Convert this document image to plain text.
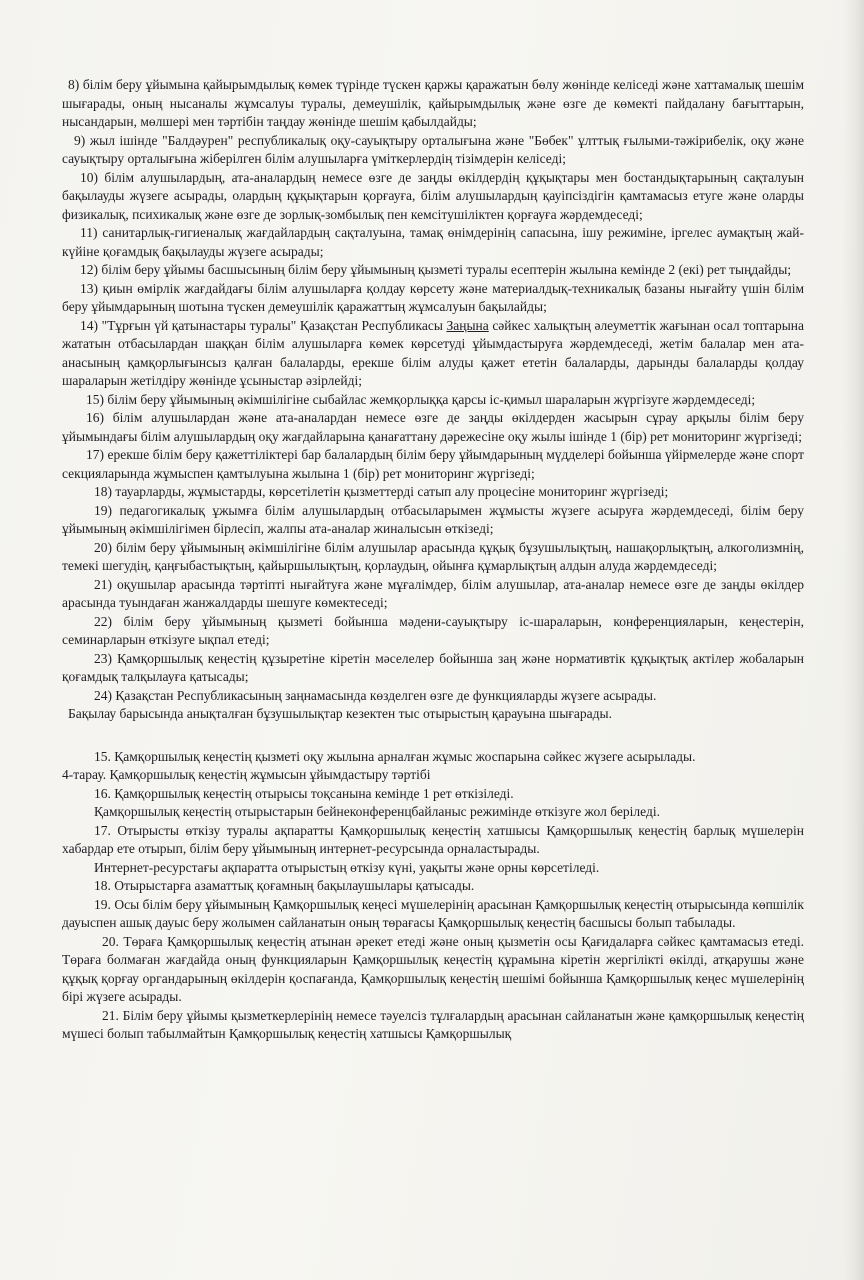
8) білім беру ұйымына қайырымдылық көмек түрінде түскен қаржы қаражатын бөлу жөнінде келіседі және хаттамалық шешім шығарады, оның нысаналы жұмсалуы туралы, демеушілік, қайырымдылық және өзге де көмекті пайдалану бағыттарын, нысандарын, мөлшері мен тәртібін таңдау жөнінде шешім қабылдайды;

9) жыл ішінде "Балдәурен" республикалық оқу-сауықтыру орталығына және "Бөбек" ұлттық ғылыми-тәжірибелік, оқу және сауықтыру орталығына жіберілген білім алушыларға үміткерлердің тізімдерін келіседі;

10) білім алушылардың, ата-аналардың немесе өзге де заңды өкілдердің құқықтары мен бостандықтарының сақталуын бақылауды жүзеге асырады, олардың құқықтарын қорғауға, білім алушылардың қауіпсіздігін қамтамасыз етуге және оларды физикалық, психикалық және өзге де зорлық-зомбылық пен кемсітушіліктен қорғауға жәрдемдеседі;

11) санитарлық-гигиеналық жағдайлардың сақталуына, тамақ өнімдерінің сапасына, ішу режиміне, іргелес аумақтың жай-күйіне қоғамдық бақылауды жүзеге асырады;

12) білім беру ұйымы басшысының білім беру ұйымының қызметі туралы есептерін жылына кемінде 2 (екі) рет тыңдайды;

13) қиын өмірлік жағдайдағы білім алушыларға қолдау көрсету және материалдық-техникалық базаны нығайту үшін білім беру ұйымдарының шотына түскен демеушілік қаражаттың жұмсалуын бақылайды;

14) "Тұрғын үй қатынастары туралы" Қазақстан Республикасы Заңына сәйкес халықтың әлеуметтік жағынан осал топтарына жататын отбасылардан шаққан білім алушыларға көмек көрсетуді ұйымдастыруға жәрдемдеседі, жетім балалар мен ата-анасының қамқорлығынсыз қалған балаларды, ерекше білім алуды қажет ететін балаларды, дарынды балаларды қолдау шараларын жетілдіру жөнінде ұсыныстар әзірлейді;

15) білім беру ұйымының әкімшілігіне сыбайлас жемқорлыққа қарсы іс-қимыл шараларын жүргізуге жәрдемдеседі;

16) білім алушылардан және ата-аналардан немесе өзге де заңды өкілдерден жасырын сұрау арқылы білім беру ұйымындағы білім алушылардың оқу жағдайларына қанағаттану дәрежесіне оқу жылы ішінде 1 (бір) рет мониторинг жүргізеді;

17) ерекше білім беру қажеттіліктері бар балалардың білім беру ұйымдарының мүдделері бойынша үйірмелерде және спорт секцияларында жұмыспен қамтылуына жылына 1 (бір) рет мониторинг жүргізеді;

18) тауарларды, жұмыстарды, көрсетілетін қызметтерді сатып алу процесіне мониторинг жүргізеді;

19) педагогикалық ұжымға білім алушылардың отбасыларымен жұмысты жүзеге асыруға жәрдемдеседі, білім беру ұйымының әкімшілігімен бірлесіп, жалпы ата-аналар жиналысын өткізеді;

20) білім беру ұйымының әкімшілігіне білім алушылар арасында құқық бұзушылықтың, нашақорлықтың, алкоголизмнің, темекі шегудің, қаңғыбастықтың, қайыршылықтың, қорлаудың, ойынға құмарлықтың алдын алуда жәрдемдеседі;

21) оқушылар арасында тәртіпті нығайтуға және мұғалімдер, білім алушылар, ата-аналар немесе өзге де заңды өкілдер арасында туындаған жанжалдарды шешуге көмектеседі;

22) білім беру ұйымының қызметі бойынша мәдени-сауықтыру іс-шараларын, конференцияларын, кеңестерін, семинарларын өткізуге ықпал етеді;

23) Қамқоршылық кеңестің құзыретіне кіретін мәселелер бойынша заң және нормативтік құқықтық актілер жобаларын қоғамдық талқылауға қатысады;

24) Қазақстан Республикасының заңнамасында көзделген өзге де функцияларды жүзеге асырады.

Бақылау барысында анықталған бұзушылықтар кезектен тыс отырыстың қарауына шығарады.

15. Қамқоршылық кеңестің қызметі оқу жылына арналған жұмыс жоспарына сәйкес жүзеге асырылады.

4-тарау. Қамқоршылық кеңестің жұмысын ұйымдастыру тәртібі

16. Қамқоршылық кеңестің отырысы тоқсанына кемінде 1 рет өткізіледі.

Қамқоршылық кеңестің отырыстарын бейнеконференцбайланыс режимінде өткізуге жол беріледі.

17. Отырысты өткізу туралы ақпаратты Қамқоршылық кеңестің хатшысы Қамқоршылық кеңестің барлық мүшелерін хабардар ете отырып, білім беру ұйымының интернет-ресурсында орналастырады.

Интернет-ресурстағы ақпаратта отырыстың өткізу күні, уақыты және орны көрсетіледі.

18. Отырыстарға азаматтық қоғамның бақылаушылары қатысады.

19. Осы білім беру ұйымының Қамқоршылық кеңесі мүшелерінің арасынан Қамқоршылық кеңестің отырысында көпшілік дауыспен ашық дауыс беру жолымен сайланатын оның төрағасы Қамқоршылық кеңестің басшысы болып табылады.

20. Төраға Қамқоршылық кеңестің атынан әрекет етеді және оның қызметін осы Қағидаларға сәйкес қамтамасыз етеді. Төраға болмаған жағдайда оның функцияларын Қамқоршылық кеңестің құрамына кіретін жергілікті өкілді, атқарушы және құқық қорғау органдарының өкілдерін қоспағанда, Қамқоршылық кеңестің шешімі бойынша Қамқоршылық кеңес мүшелерінің бірі жүзеге асырады.

21. Білім беру ұйымы қызметкерлерінің немесе тәуелсіз тұлғалардың арасынан сайланатын және қамқоршылық кеңестің мүшесі болып табылмайтын Қамқоршылық кеңестің хатшысы Қамқоршылық
